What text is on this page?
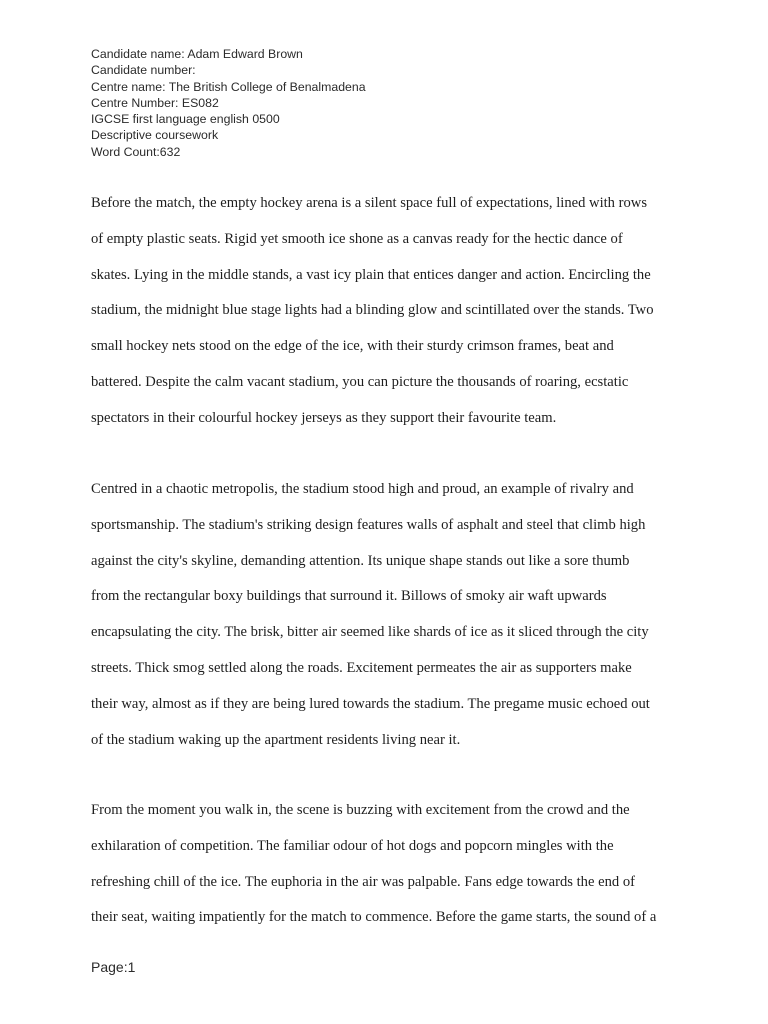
Candidate name: Adam Edward Brown
Candidate number:
Centre name: The British College of Benalmadena
Centre Number: ES082
IGCSE first language english 0500
Descriptive coursework
Word Count:632
Before the match, the empty hockey arena is a silent space full of expectations, lined with rows
of empty plastic seats. Rigid yet smooth ice shone as a canvas ready for the hectic dance of
skates. Lying in the middle stands, a vast icy plain that entices danger and action. Encircling the
stadium, the midnight blue stage lights had a blinding glow and scintillated over the stands. Two
small hockey nets stood on the edge of the ice, with their sturdy crimson frames, beat and
battered. Despite the calm vacant stadium, you can picture the thousands of roaring, ecstatic
spectators in their colourful hockey jerseys as they support their favourite team.
Centred in a chaotic metropolis, the stadium stood high and proud, an example of rivalry and
sportsmanship. The stadium's striking design features walls of asphalt and steel that climb high
against the city's skyline, demanding attention. Its unique shape stands out like a sore thumb
from the rectangular boxy buildings that surround it. Billows of smoky air waft upwards
encapsulating the city. The brisk, bitter air seemed like shards of ice as it sliced through the city
streets. Thick smog settled along the roads. Excitement permeates the air as supporters make
their way, almost as if they are being lured towards the stadium. The pregame music echoed out
of the stadium waking up the apartment residents living near it.
From the moment you walk in, the scene is buzzing with excitement from the crowd and the
exhilaration of competition. The familiar odour of hot dogs and popcorn mingles with the
refreshing chill of the ice. The euphoria in the air was palpable. Fans edge towards the end of
their seat, waiting impatiently for the match to commence. Before the game starts, the sound of a
Page:1
